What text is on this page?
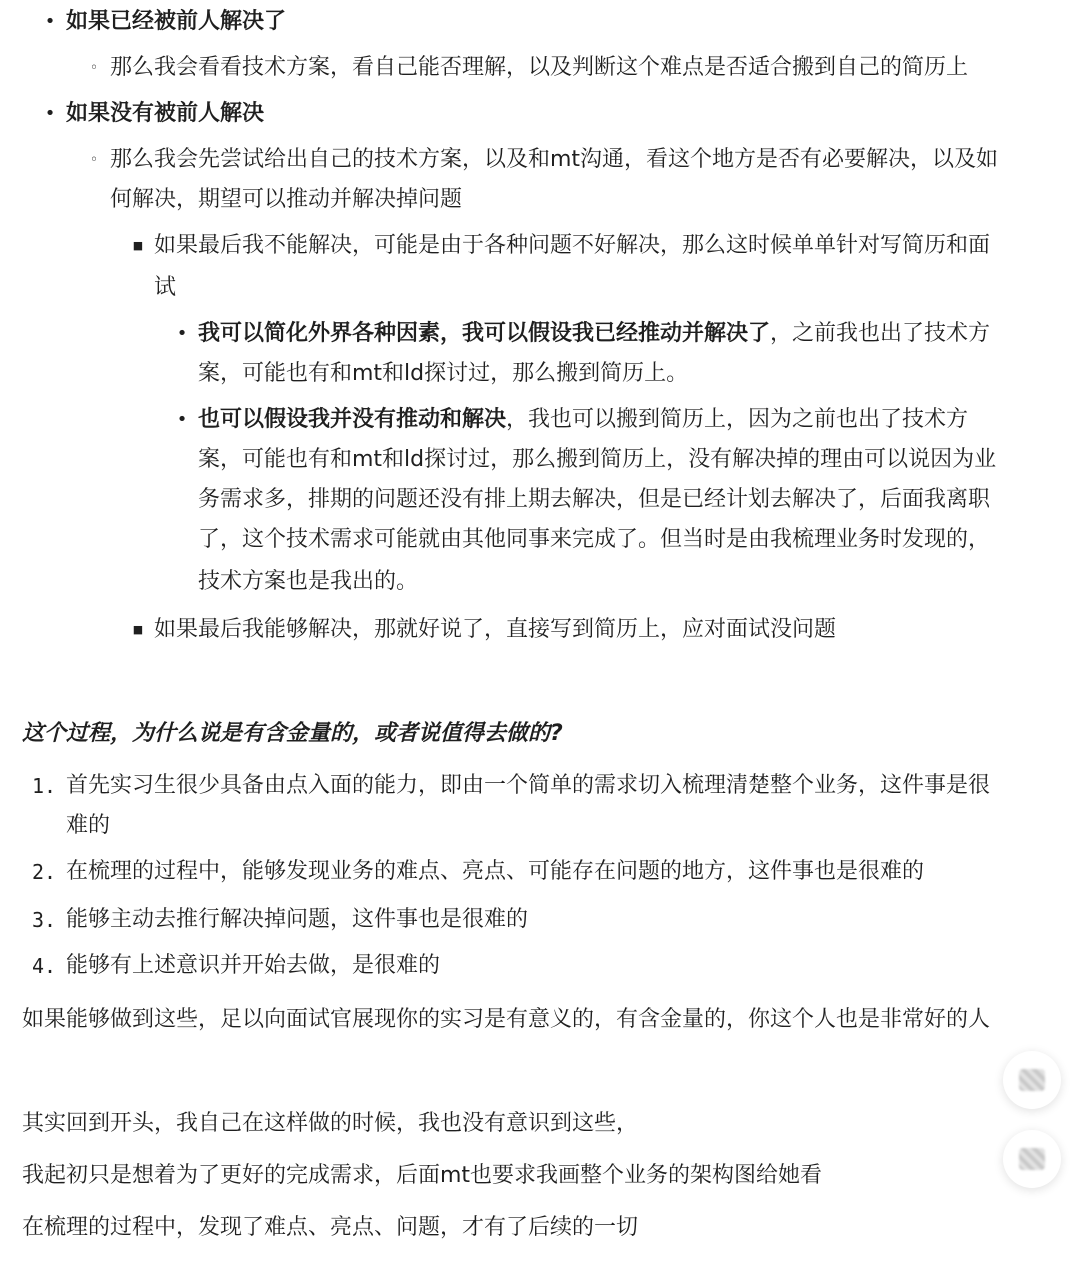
• 如果已经被前人解决了
◦ 那么我会看看技术方案，看自己能否理解，以及判断这个难点是否适合搬到自己的简历上
• 如果没有被前人解决
◦ 那么我会先尝试给出自己的技术方案，以及和mt沟通，看这个地方是否有必要解决，以及如
何解决，期望可以推动并解决掉问题
■ 如果最后我不能解决，可能是由于各种问题不好解决，那么这时候单单针对写简历和面
试
• 我可以简化外界各种因素，我可以假设我已经推动并解决了，之前我也出了技术方
案，可能也有和mt和ld探讨过，那么搬到简历上。
• 也可以假设我并没有推动和解决，我也可以搬到简历上，因为之前也出了技术方
案，可能也有和mt和ld探讨过，那么搬到简历上，没有解决掉的理由可以说因为业
务需求多，排期的问题还没有排上期去解决，但是已经计划去解决了，后面我离职
了，这个技术需求可能就由其他同事来完成了。但当时是由我梳理业务时发现的，
技术方案也是我出的。
■ 如果最后我能够解决，那就好说了，直接写到简历上，应对面试没问题
这个过程，为什么说是有含金量的，或者说值得去做的?
1. 首先实习生很少具备由点入面的能力，即由一个简单的需求切入梳理清楚整个业务，这件事是很
难的
2. 在梳理的过程中，能够发现业务的难点、亮点、可能存在问题的地方，这件事也是很难的
3. 能够主动去推行解决掉问题，这件事也是很难的
4. 能够有上述意识并开始去做，是很难的
如果能够做到这些，足以向面试官展现你的实习是有意义的，有含金量的，你这个人也是非常好的人
其实回到开头，我自己在这样做的时候，我也没有意识到这些，
我起初只是想着为了更好的完成需求，后面mt也要求我画整个业务的架构图给她看
在梳理的过程中，发现了难点、亮点、问题，才有了后续的一切
